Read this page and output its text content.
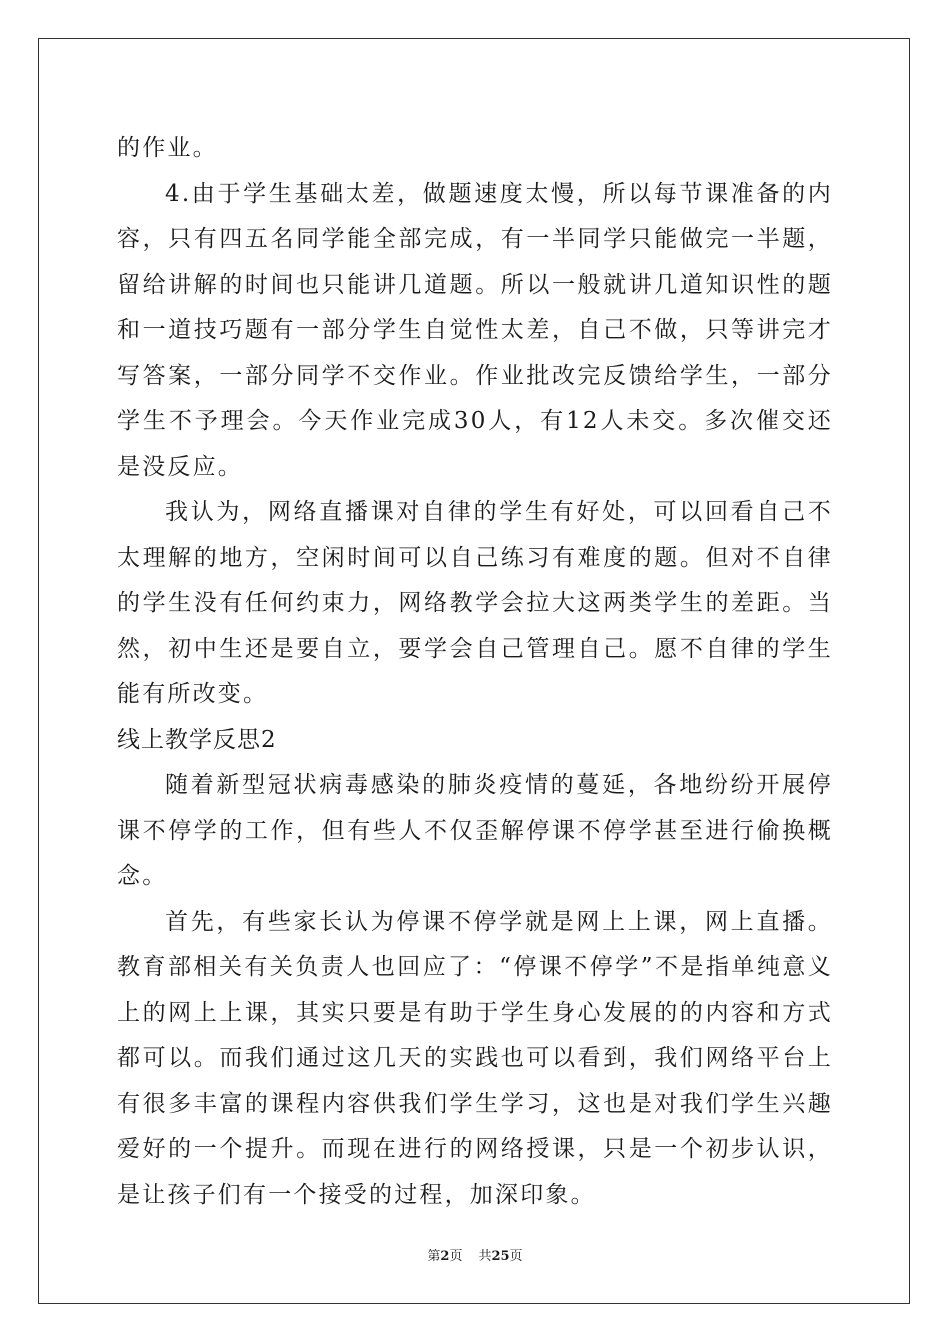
的作业。

4.由于学生基础太差，做题速度太慢，所以每节课准备的内容，只有四五名同学能全部完成，有一半同学只能做完一半题，留给讲解的时间也只能讲几道题。所以一般就讲几道知识性的题和一道技巧题有一部分学生自觉性太差，自己不做，只等讲完才写答案，一部分同学不交作业。作业批改完反馈给学生，一部分学生不予理会。今天作业完成30人，有12人未交。多次催交还是没反应。

我认为，网络直播课对自律的学生有好处，可以回看自己不太理解的地方，空闲时间可以自己练习有难度的题。但对不自律的学生没有任何约束力，网络教学会拉大这两类学生的差距。当然，初中生还是要自立，要学会自己管理自己。愿不自律的学生能有所改变。

线上教学反思2

随着新型冠状病毒感染的肺炎疫情的蔓延，各地纷纷开展停课不停学的工作，但有些人不仅歪解停课不停学甚至进行偷换概念。

首先，有些家长认为停课不停学就是网上上课，网上直播。教育部相关有关负责人也回应了：“停课不停学”不是指单纯意义上的网上上课，其实只要是有助于学生身心发展的的内容和方式都可以。而我们通过这几天的实践也可以看到，我们网络平台上有很多丰富的课程内容供我们学生学习，这也是对我们学生兴趣爱好的一个提升。而现在进行的网络授课，只是一个初步认识，是让孩子们有一个接受的过程，加深印象。

第2页 共25页
